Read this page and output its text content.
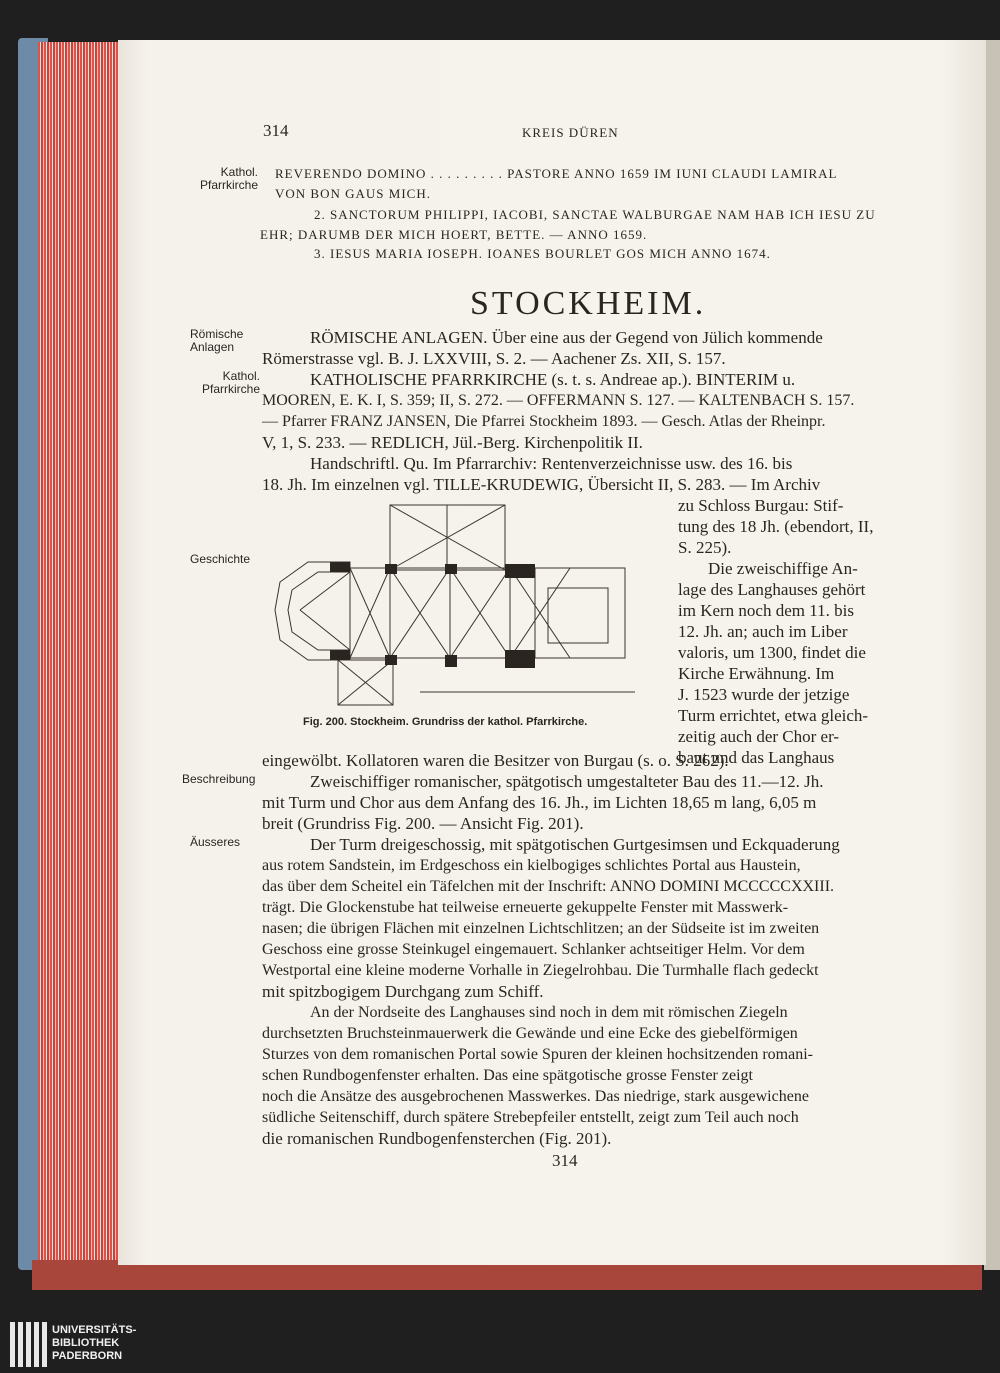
314	KREIS DÜREN
Kathol. Pfarrkirche
REVERENDO DOMINO . . . . . . . . . PASTORE ANNO 1659 IM IUNI CLAUDI LAMIRAL
VON BON GAUS MICH.
2. SANCTORUM PHILIPPI, IACOBI, SANCTAE WALBURGAE NAM HAB ICH IESU ZU
EHR; DARUMB DER MICH HOERT, BETTE. — ANNO 1659.
3. IESUS MARIA IOSEPH. IOANES BOURLET GOS MICH ANNO 1674.
STOCKHEIM.
Römische Anlagen	RÖMISCHE ANLAGEN. Über eine aus der Gegend von Jülich kommende
Römerstrasse vgl. B. J. LXXVIII, S. 2. — Aachener Zs. XII, S. 157.
Kathol. Pfarrkirche	KATHOLISCHE PFARRKIRCHE (s. t. s. Andreae ap.). BINTERIM u.
MOOREN, E. K. I, S. 359; II, S. 272. — OFFERMANN S. 127. — KALTENBACH S. 157.
— Pfarrer FRANZ JANSEN, Die Pfarrei Stockheim 1893. — Gesch. Atlas der Rheinpr.
V, 1, S. 233. — REDLICH, Jül.-Berg. Kirchenpolitik II.
Handschriftl. Qu. Im Pfarrarchiv: Rentenverzeichnisse usw. des 16. bis
18. Jh. Im einzelnen vgl. TILLE-KRUDEWIG, Übersicht II, S. 283. — Im Archiv
Geschichte
zu Schloss Burgau: Stif-
tung des 18 Jh. (ebendort, II,
S. 225).
Die zweischiffige An-
lage des Langhauses gehört
im Kern noch dem 11. bis
12. Jh. an; auch im Liber
valoris, um 1300, findet die
Kirche Erwähnung. Im
J. 1523 wurde der jetzige
Turm errichtet, etwa gleich-
zeitig auch der Chor er-
baut und das Langhaus
eingewölbt. Kollatoren waren die Besitzer von Burgau (s. o. S. 262).
Fig. 200. Stockheim. Grundriss der kathol. Pfarrkirche.
Beschreibung	Zweischiffiger romanischer, spätgotisch umgestalteter Bau des 11.—12. Jh.
mit Turm und Chor aus dem Anfang des 16. Jh., im Lichten 18,65 m lang, 6,05 m
breit (Grundriss Fig. 200. — Ansicht Fig. 201).
Äusseres	Der Turm dreigeschossig, mit spätgotischen Gurtgesimsen und Eckquaderung
aus rotem Sandstein, im Erdgeschoss ein kielbogiges schlichtes Portal aus Haustein,
das über dem Scheitel ein Täfelchen mit der Inschrift: ANNO DOMINI MCCCCCXXIII.
trägt. Die Glockenstube hat teilweise erneuerte gekuppelte Fenster mit Masswerk-
nasen; die übrigen Flächen mit einzelnen Lichtschlitzen; an der Südseite ist im zweiten
Geschoss eine grosse Steinkugel eingemauert. Schlanker achtseitiger Helm. Vor dem
Westportal eine kleine moderne Vorhalle in Ziegelrohbau. Die Turmhalle flach gedeckt
mit spitzbogigem Durchgang zum Schiff.
An der Nordseite des Langhauses sind noch in dem mit römischen Ziegeln
durchsetzten Bruchsteinmauerwerk die Gewände und eine Ecke des giebelförmigen
Sturzes von dem romanischen Portal sowie Spuren der kleinen hochsitzenden romani-
schen Rundbogenfenster erhalten. Das eine spätgotische grosse Fenster zeigt
noch die Ansätze des ausgebrochenen Masswerkes. Das niedrige, stark ausgewichene
südliche Seitenschiff, durch spätere Strebepfeiler entstellt, zeigt zum Teil auch noch
die romanischen Rundbogenfensterchen (Fig. 201).
314
UNIVERSITÄTS-
BIBLIOTHEK
PADERBORN
